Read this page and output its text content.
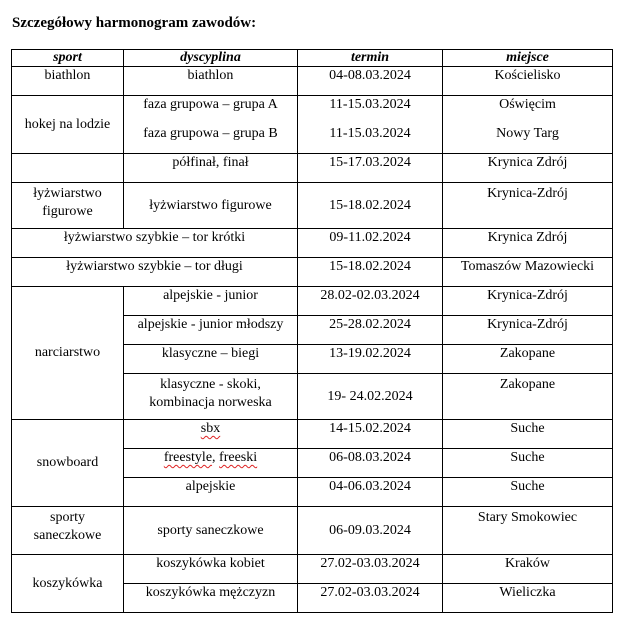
Szczegółowy harmonogram zawodów:
sport	dyscyplina	termin	miejsce
biathlon	biathlon	04-08.03.2024	Kościelisko
hokej na lodzie	faza grupowa – grupa A	11-15.03.2024	Oświęcim
	faza grupowa – grupa B	11-15.03.2024	Nowy Targ
	półfinał, finał	15-17.03.2024	Krynica Zdrój
łyżwiarstwo
figurowe	łyżwiarstwo figurowe	15-18.02.2024	Krynica-Zdrój
łyżwiarstwo szybkie – tor krótki		09-11.02.2024	Krynica Zdrój
łyżwiarstwo szybkie – tor długi		15-18.02.2024	Tomaszów Mazowiecki
narciarstwo	alpejskie - junior	28.02-02.03.2024	Krynica-Zdrój
	alpejskie - junior młodszy	25-28.02.2024	Krynica-Zdrój
	klasyczne – biegi	13-19.02.2024	Zakopane
	klasyczne - skoki,
kombinacja norweska	19- 24.02.2024	Zakopane
snowboard	sbx	14-15.02.2024	Suche
	freestyle, freeski	06-08.03.2024	Suche
	alpejskie	04-06.03.2024	Suche
sporty
saneczkowe	sporty saneczkowe	06-09.03.2024	Stary Smokowiec
koszykówka	koszykówka kobiet	27.02-03.03.2024	Kraków
	koszykówka mężczyzn	27.02-03.03.2024	Wieliczka
